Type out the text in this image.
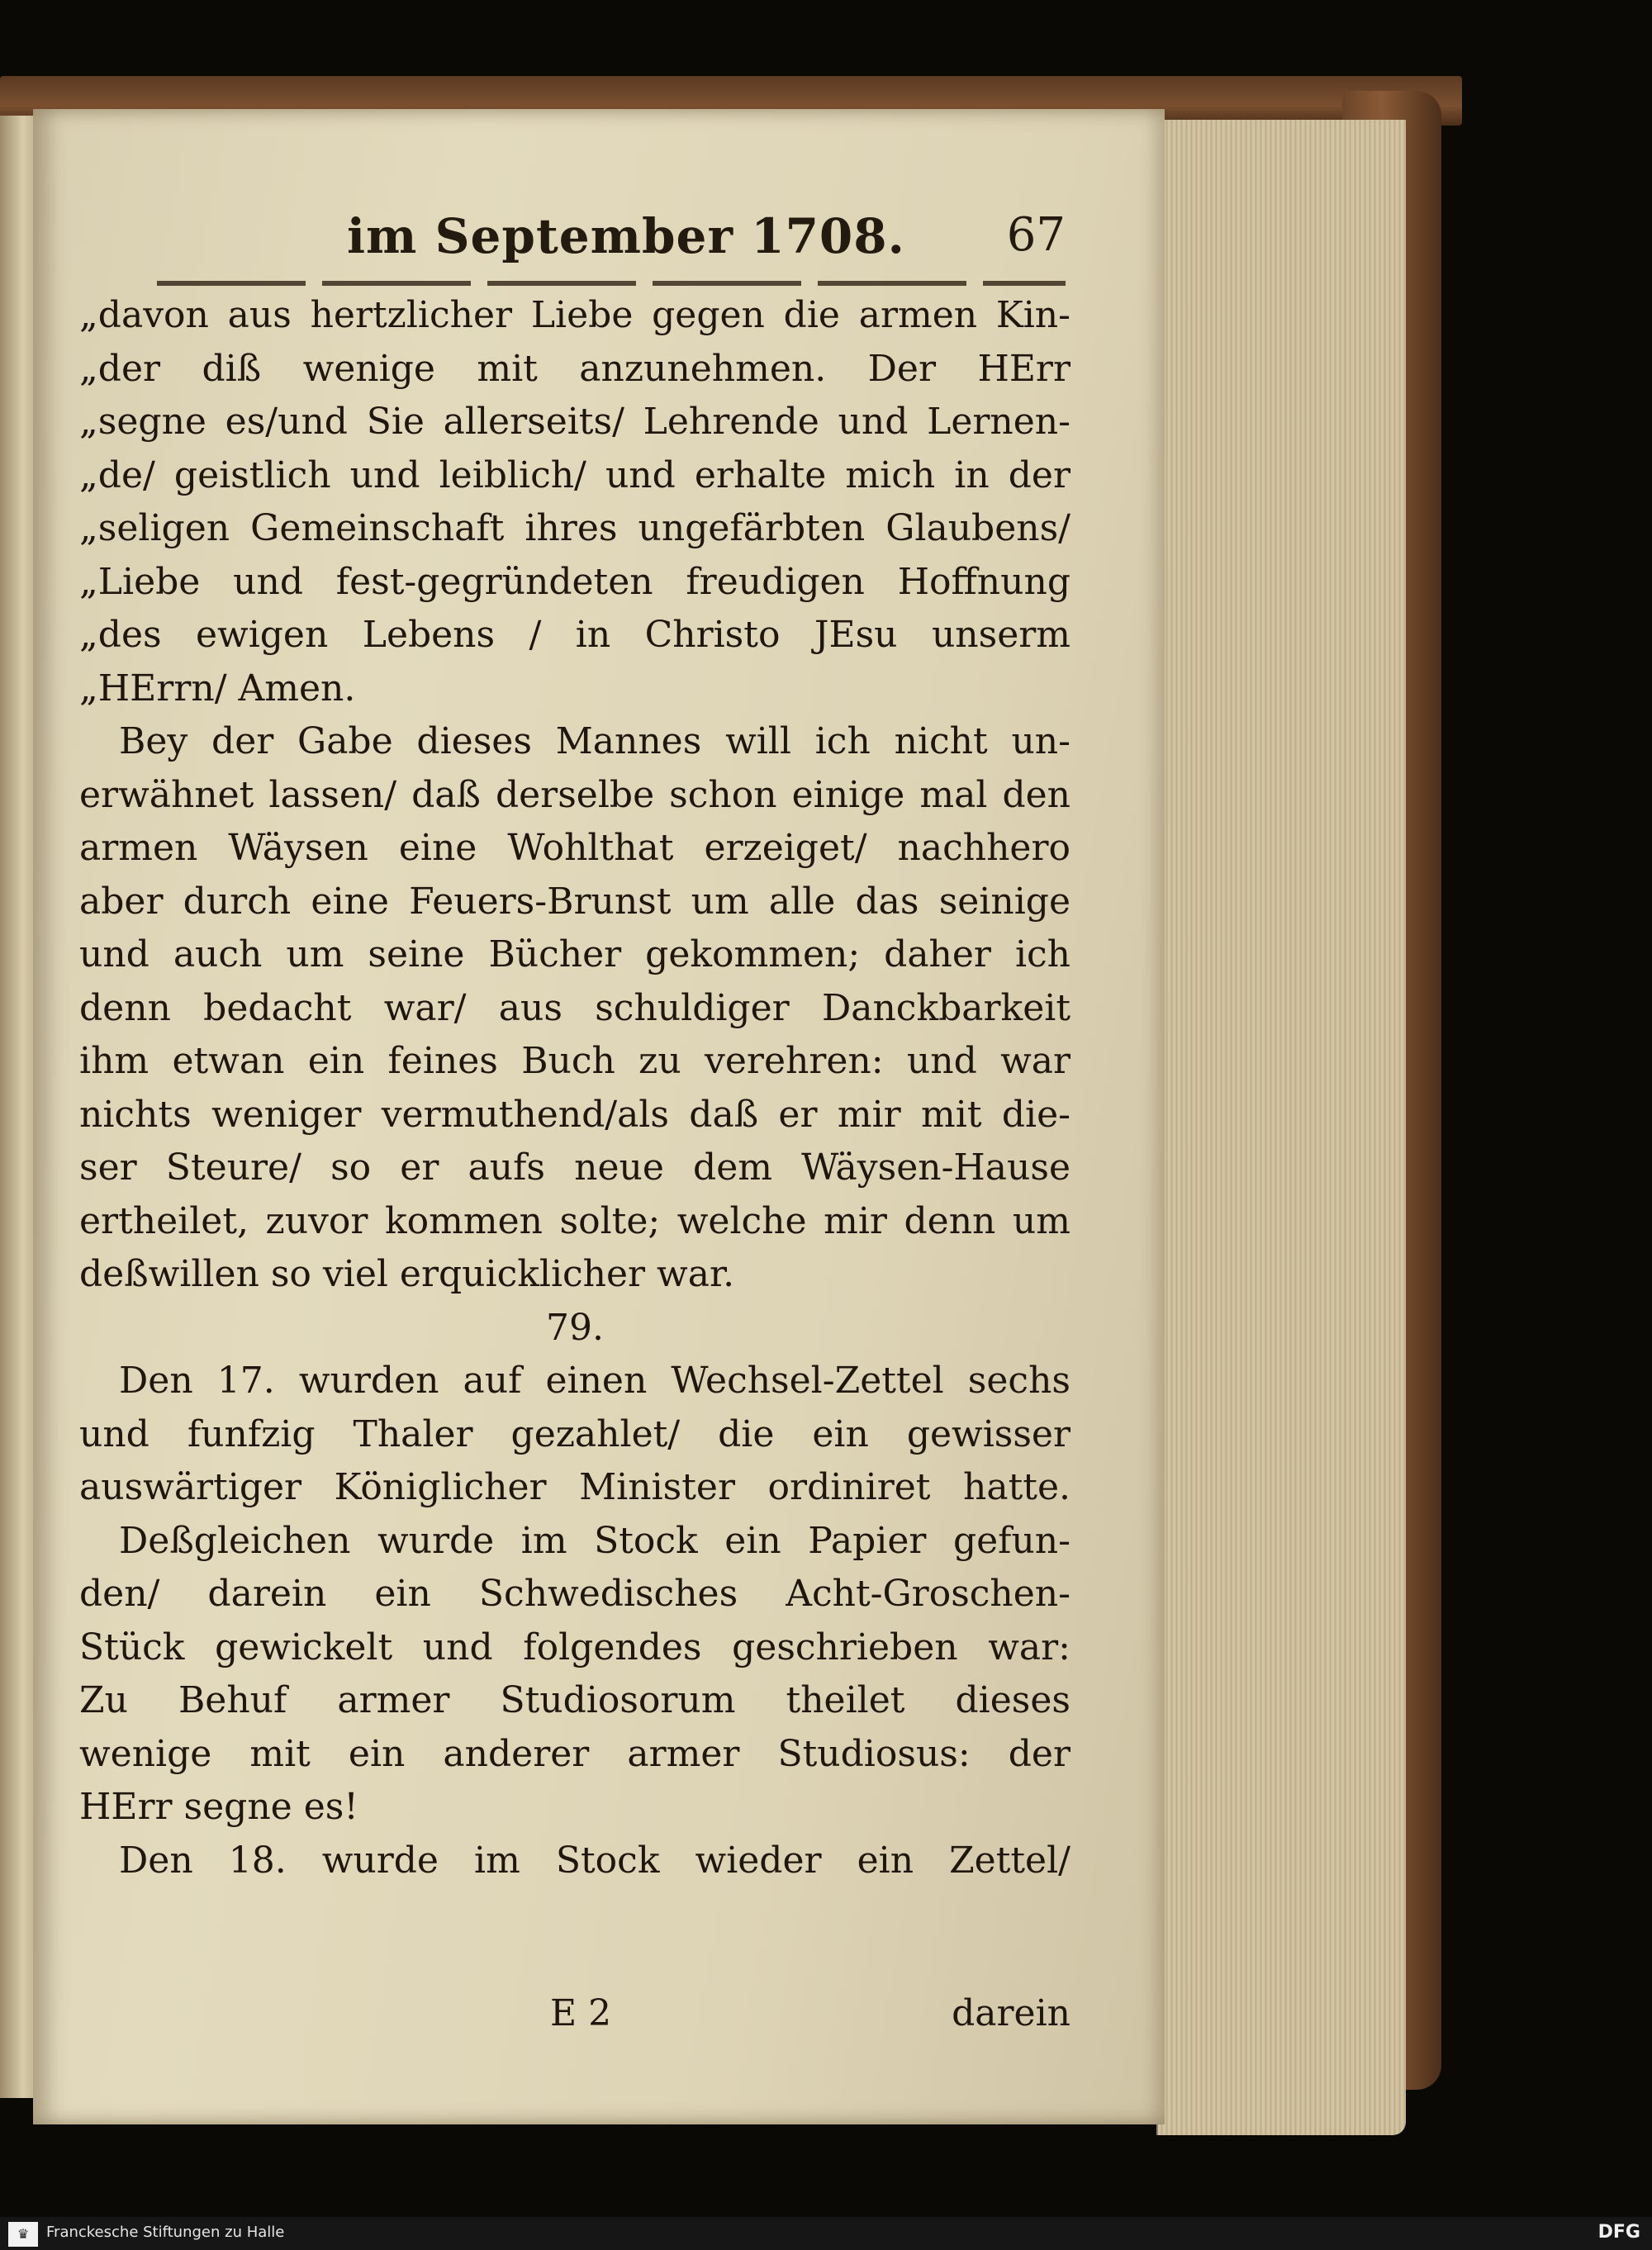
im September 1708. 67
„davon aus hertzlicher Liebe gegen die armen Kin-
„der diß wenige mit anzunehmen. Der HErr
„segne es/und Sie allerseits/ Lehrende und Lernen-
„de/ geistlich und leiblich/ und erhalte mich in der
„seligen Gemeinschaft ihres ungefärbten Glaubens/
„Liebe und fest-gegründeten freudigen Hoffnung
„des ewigen Lebens / in Christo JEsu unserm
„HErrn/ Amen.
Bey der Gabe dieses Mannes will ich nicht un-
erwähnet lassen/ daß derselbe schon einige mal den
armen Wäysen eine Wohlthat erzeiget/ nachhero
aber durch eine Feuers-Brunst um alle das seinige
und auch um seine Bücher gekommen; daher ich
denn bedacht war/ aus schuldiger Danckbarkeit
ihm etwan ein feines Buch zu verehren: und war
nichts weniger vermuthend/als daß er mir mit die-
ser Steure/ so er aufs neue dem Wäysen-Hause
ertheilet, zuvor kommen solte; welche mir denn um
deßwillen so viel erquicklicher war.
79.
Den 17. wurden auf einen Wechsel-Zettel sechs
und funfzig Thaler gezahlet/ die ein gewisser
auswärtiger Königlicher Minister ordiniret hatte.
Deßgleichen wurde im Stock ein Papier gefun-
den/ darein ein Schwedisches Acht-Groschen-
Stück gewickelt und folgendes geschrieben war:
Zu Behuf armer Studiosorum theilet dieses
wenige mit ein anderer armer Studiosus: der
HErr segne es!
Den 18. wurde im Stock wieder ein Zettel/
E 2	darein
♛	Franckesche Stiftungen zu Halle	DFG
